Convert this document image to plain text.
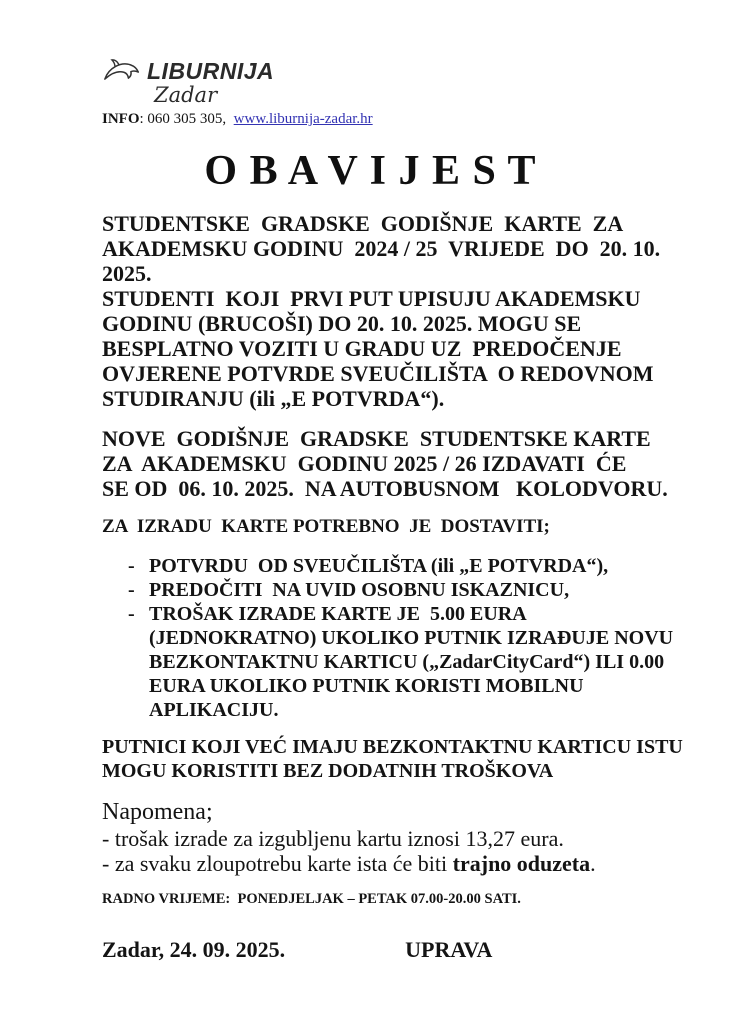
LIBURNIJA
Zadar
INFO: 060 305 305,  www.liburnija-zadar.hr
O B A V I J E S T
STUDENTSKE  GRADSKE  GODIŠNJE  KARTE  ZA
AKADEMSKU GODINU  2024 / 25  VRIJEDE  DO  20. 10.
2025.
STUDENTI  KOJI  PRVI PUT UPISUJU AKADEMSKU
GODINU (BRUCOŠI) DO 20. 10. 2025. MOGU SE
BESPLATNO VOZITI U GRADU UZ  PREDOČENJE
OVJERENE POTVRDE SVEUČILIŠTA  O REDOVNOM
STUDIRANJU (ili „E POTVRDA“).
NOVE  GODIŠNJE  GRADSKE  STUDENTSKE KARTE
ZA  AKADEMSKU  GODINU 2025 / 26 IZDAVATI  ĆE
SE OD  06. 10. 2025.  NA AUTOBUSNOM   KOLODVORU.
ZA  IZRADU  KARTE POTREBNO  JE  DOSTAVITI;
- POTVRDU  OD SVEUČILIŠTA (ili „E POTVRDA“),
- PREDOČITI  NA UVID OSOBNU ISKAZNICU,
- TROŠAK IZRADE KARTE JE  5.00 EURA
(JEDNOKRATNO) UKOLIKO PUTNIK IZRAĐUJE NOVU
BEZKONTAKTNU KARTICU („ZadarCityCard“) ILI 0.00
EURA UKOLIKO PUTNIK KORISTI MOBILNU
APLIKACIJU.
PUTNICI KOJI VEĆ IMAJU BEZKONTAKTNU KARTICU ISTU
MOGU KORISTITI BEZ DODATNIH TROŠKOVA
Napomena;
- trošak izrade za izgubljenu kartu iznosi 13,27 eura.
- za svaku zloupotrebu karte ista će biti trajno oduzeta.
RADNO VRIJEME:  PONEDJELJAK – PETAK 07.00-20.00 SATI.
Zadar, 24. 09. 2025.	UPRAVA
